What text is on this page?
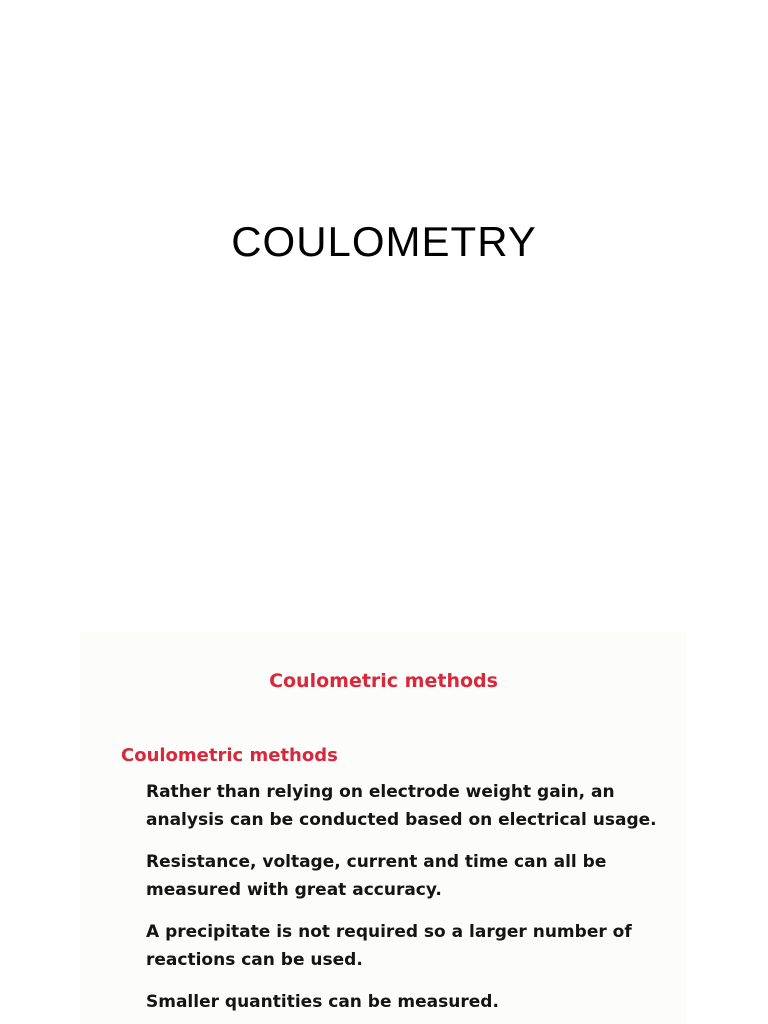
COULOMETRY
Coulometric methods
Coulometric methods
Rather than relying on electrode weight gain, an analysis can be conducted based on electrical usage.
Resistance, voltage, current and time can all be measured with great accuracy.
A precipitate is not required so a larger number of reactions can be used.
Smaller quantities can be measured.
